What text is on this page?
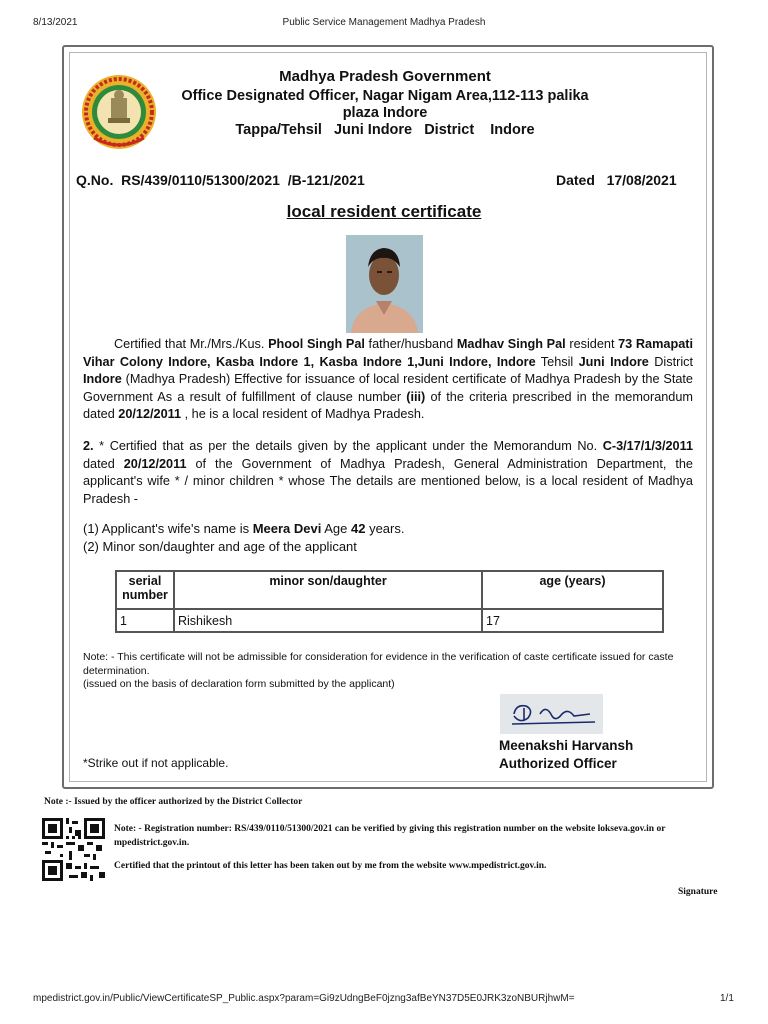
8/13/2021	Public Service Management Madhya Pradesh
Madhya Pradesh Government
Office Designated Officer, Nagar Nigam Area,112-113 palika
plaza Indore
Tappa/Tehsil   Juni Indore   District    Indore
Q.No.  RS/439/0110/51300/2021  /B-121/2021	Dated   17/08/2021
local resident certificate

Certified that Mr./Mrs./Kus. Phool Singh Pal father/husband Madhav Singh Pal resident 73 Ramapati Vihar Colony Indore, Kasba Indore 1, Kasba Indore 1,Juni Indore, Indore Tehsil Juni Indore District Indore (Madhya Pradesh) Effective for issuance of local resident certificate of Madhya Pradesh by the State Government As a result of fulfillment of clause number (iii) of the criteria prescribed in the memorandum dated 20/12/2011 , he is a local resident of Madhya Pradesh.

2. * Certified that as per the details given by the applicant under the Memorandum No. C-3/17/1/3/2011 dated 20/12/2011 of the Government of Madhya Pradesh, General Administration Department, the applicant's wife * / minor children * whose The details are mentioned below, is a local resident of Madhya Pradesh -

(1) Applicant's wife's name is Meera Devi Age 42 years.
(2) Minor son/daughter and age of the applicant
serial number	minor son/daughter	age (years)
1	Rishikesh	17
Note: - This certificate will not be admissible for consideration for evidence in the verification of caste certificate issued for caste determination.
(issued on the basis of declaration form submitted by the applicant)
Meenakshi Harvansh
Authorized Officer
*Strike out if not applicable.
Note :- Issued by the officer authorized by the District Collector
Note: - Registration number: RS/439/0110/51300/2021 can be verified by giving this registration number on the website lokseva.gov.in or mpedistrict.gov.in.
Certified that the printout of this letter has been taken out by me from the website www.mpedistrict.gov.in.
Signature
mpedistrict.gov.in/Public/ViewCertificateSP_Public.aspx?param=Gi9zUdngBeF0jzng3afBeYN37D5E0JRK3zoNBURjhwM=	1/1
